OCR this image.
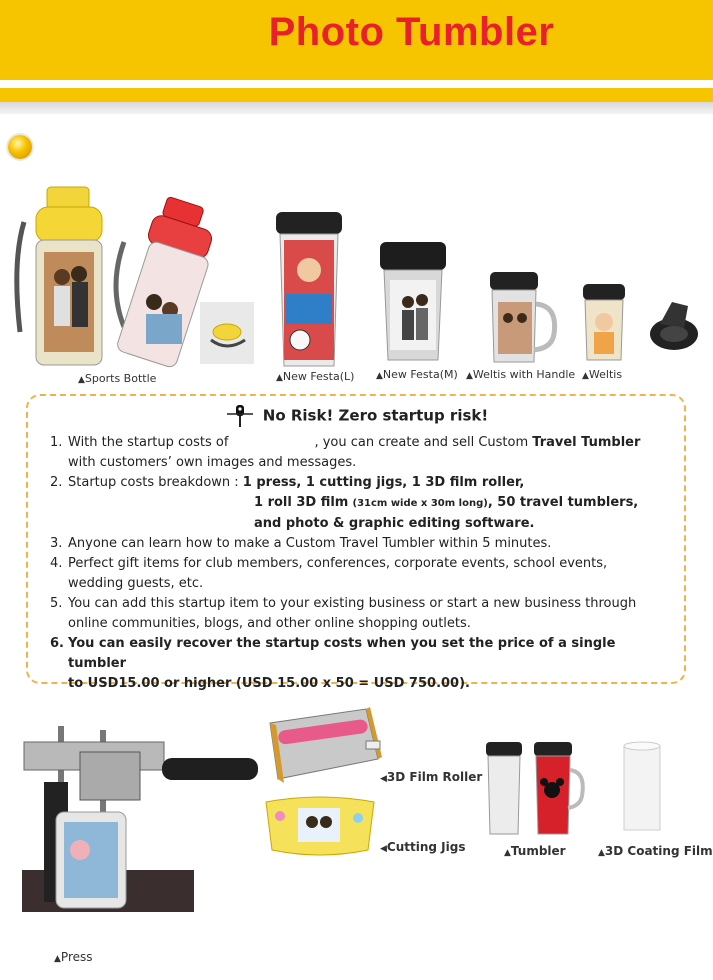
Photo Tumbler
▲Sports Bottle	▲New Festa(L) ▲New Festa(M) ▲Weltis with Handle ▲Weltis
No Risk! Zero startup risk!
1. With the startup costs of	, you can create and sell Custom Travel Tumbler
with customers’ own images and messages.
2. Startup costs breakdown : 1 press, 1 cutting jigs, 1 3D film roller,

1 roll 3D film (31cm wide x 30m long), 50 travel tumblers,
and photo & graphic editing software.
3. Anyone can learn how to make a Custom Travel Tumbler within 5 minutes.
4. Perfect gift items for club members, conferences, corporate events, school events,
wedding guests, etc.
5. You can add this startup item to your existing business or start a new business through
online communities, blogs, and other online shopping outlets.
6. You can easily recover the startup costs when you set the price of a single tumbler
to USD15.00 or higher (USD 15.00 x 50 = USD 750.00).
▲Press
◀3D Film Roller
◀Cutting Jigs	▲Tumbler	▲3D Coating Film
